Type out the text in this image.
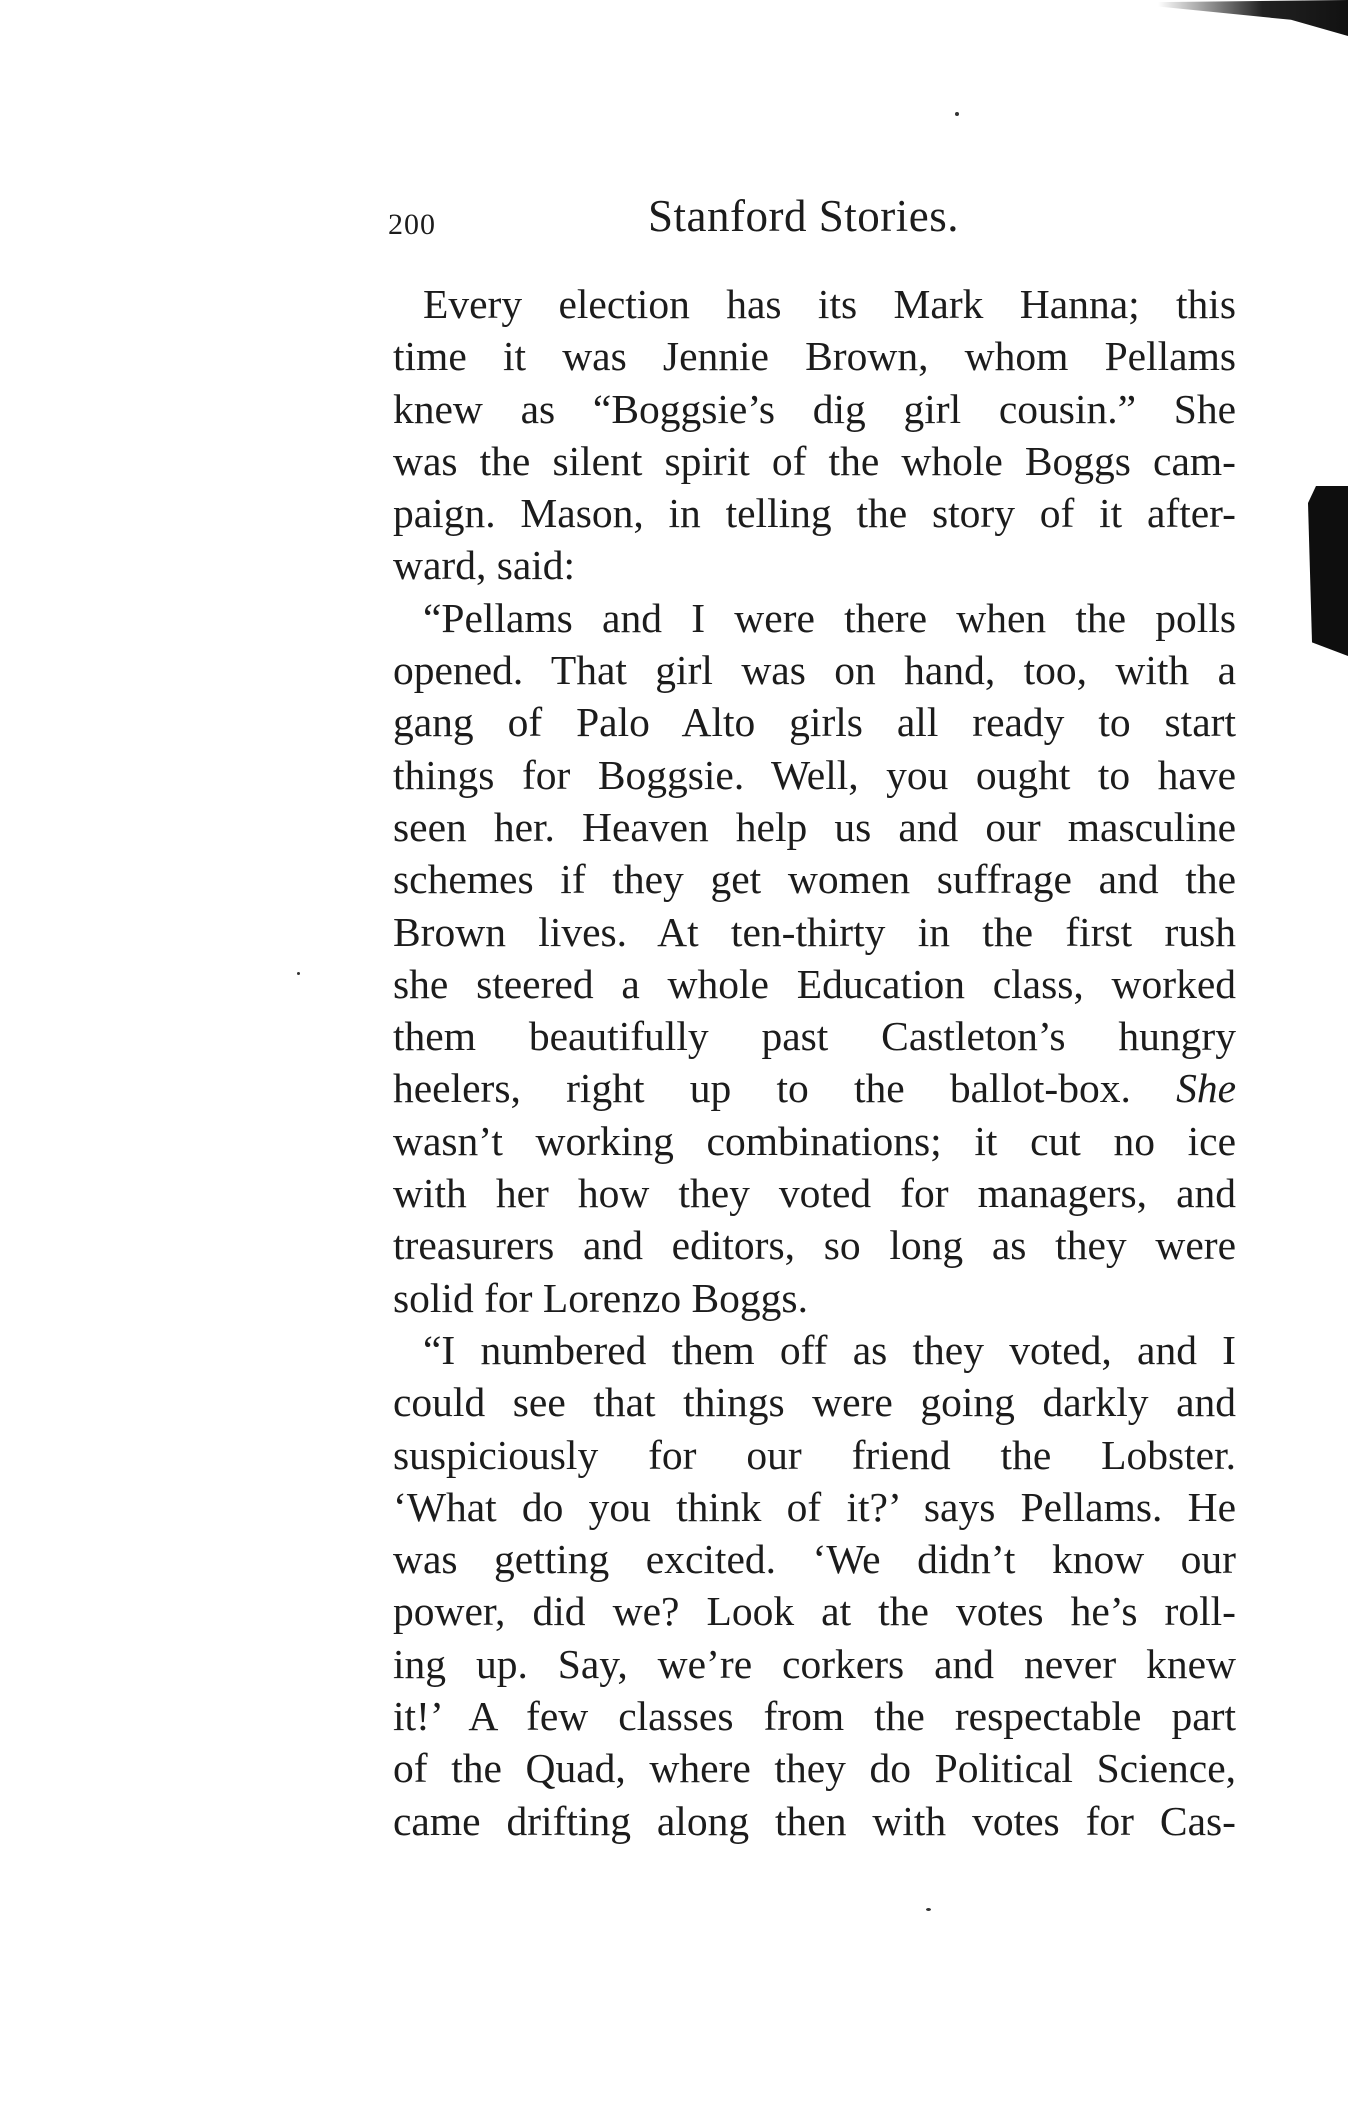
200	Stanford Stories.
Every election has its Mark Hanna; this
time it was Jennie Brown, whom Pellams
knew as “Boggsie’s dig girl cousin.” She
was the silent spirit of the whole Boggs cam-
paign. Mason, in telling the story of it after-
ward, said:
“Pellams and I were there when the polls
opened. That girl was on hand, too, with a
gang of Palo Alto girls all ready to start
things for Boggsie. Well, you ought to have
seen her. Heaven help us and our masculine
schemes if they get women suffrage and the
Brown lives. At ten-thirty in the first rush
she steered a whole Education class, worked
them beautifully past Castleton’s hungry
heelers, right up to the ballot-box. She
wasn’t working combinations; it cut no ice
with her how they voted for managers, and
treasurers and editors, so long as they were
solid for Lorenzo Boggs.
“I numbered them off as they voted, and I
could see that things were going darkly and
suspiciously for our friend the Lobster.
‘What do you think of it?’ says Pellams. He
was getting excited. ‘We didn’t know our
power, did we? Look at the votes he’s roll-
ing up. Say, we’re corkers and never knew
it!’ A few classes from the respectable part
of the Quad, where they do Political Science,
came drifting along then with votes for Cas-
